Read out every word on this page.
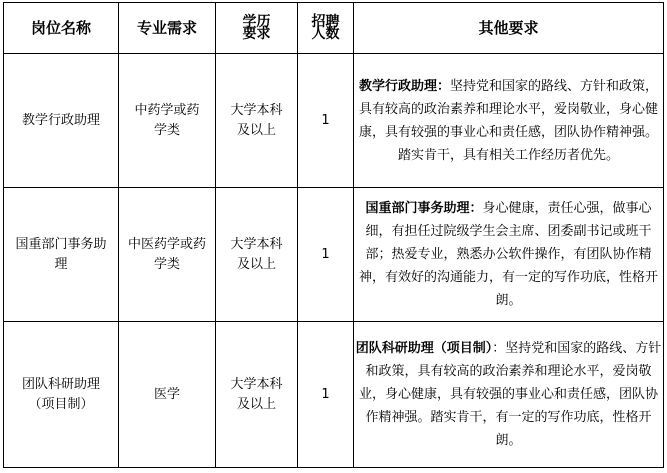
岗位名称	专业需求	学历要求	招聘人数	其他要求
教学行政助理	中药学或药学类	大学本科及以上	1	教学行政助理：坚持党和国家的路线、方针和政策，具有较高的政治素养和理论水平，爱岗敬业，身心健康，具有较强的事业心和责任感，团队协作精神强。踏实肯干，具有相关工作经历者优先。
国重部门事务助理	中医药学或药学类	大学本科及以上	1	国重部门事务助理：身心健康，责任心强，做事心细，有担任过院级学生会主席、团委副书记或班干部；热爱专业，熟悉办公软件操作，有团队协作精神，有效好的沟通能力，有一定的写作功底，性格开朗。
团队科研助理（项目制）	医学	大学本科及以上	1	团队科研助理（项目制）：坚持党和国家的路线、方针和政策，具有较高的政治素养和理论水平，爱岗敬业，身心健康，具有较强的事业心和责任感，团队协作精神强。踏实肯干，有一定的写作功底，性格开朗。
